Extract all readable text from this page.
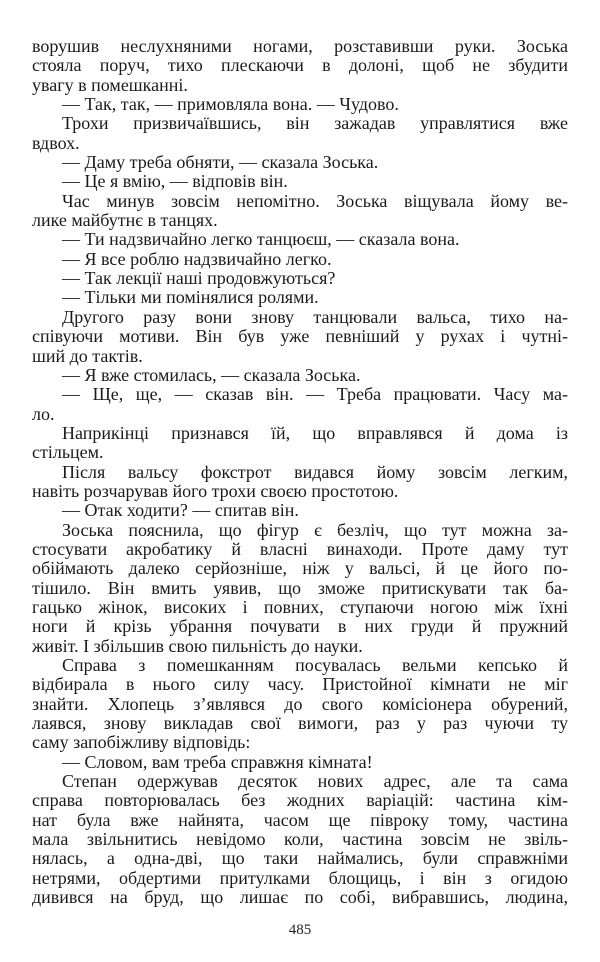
ворушив неслухняними ногами, розставивши руки. Зоська
стояла поруч, тихо плескаючи в долоні, щоб не збудити
увагу в помешканні.
— Так, так, — примовляла вона. — Чудово.
Трохи призвичаївшись, він зажадав управлятися вже
вдвох.
— Даму треба обняти, — сказала Зоська.
— Це я вмію, — відповів він.
Час минув зовсім непомітно. Зоська віщувала йому ве-
лике майбутнє в танцях.
— Ти надзвичайно легко танцюєш, — сказала вона.
— Я все роблю надзвичайно легко.
— Так лекції наші продовжуються?
— Тільки ми помінялися ролями.
Другого разу вони знову танцювали вальса, тихо на-
співуючи мотиви. Він був уже певніший у рухах і чутні-
ший до тактів.
— Я вже стомилась, — сказала Зоська.
— Ще, ще, — сказав він. — Треба працювати. Часу ма-
ло.
Наприкінці признався їй, що вправлявся й дома із
стільцем.
Після вальсу фокстрот видався йому зовсім легким,
навіть розчарував його трохи своєю простотою.
— Отак ходити? — спитав він.
Зоська пояснила, що фігур є безліч, що тут можна за-
стосувати акробатику й власні винаходи. Проте даму тут
обіймають далеко серйозніше, ніж у вальсі, й це його по-
тішило. Він вмить уявив, що зможе притискувати так ба-
гацько жінок, високих і повних, ступаючи ногою між їхні
ноги й крізь убрання почувати в них груди й пружний
живіт. І збільшив свою пильність до науки.
Справа з помешканням посувалась вельми кепсько й
відбирала в нього силу часу. Пристойної кімнати не міг
знайти. Хлопець з’являвся до свого комісіонера обурений,
лаявся, знову викладав свої вимоги, раз у раз чуючи ту
саму запобіжливу відповідь:
— Словом, вам треба справжня кімната!
Степан одержував десяток нових адрес, але та сама
справа повторювалась без жодних варіацій: частина кім-
нат була вже найнята, часом ще півроку тому, частина
мала звільнитись невідомо коли, частина зовсім не звіль-
нялась, а одна-дві, що таки наймались, були справжніми
нетрями, обдертими притулками блощиць, і він з огидою
дивився на бруд, що лишає по собі, вибравшись, людина,
485
